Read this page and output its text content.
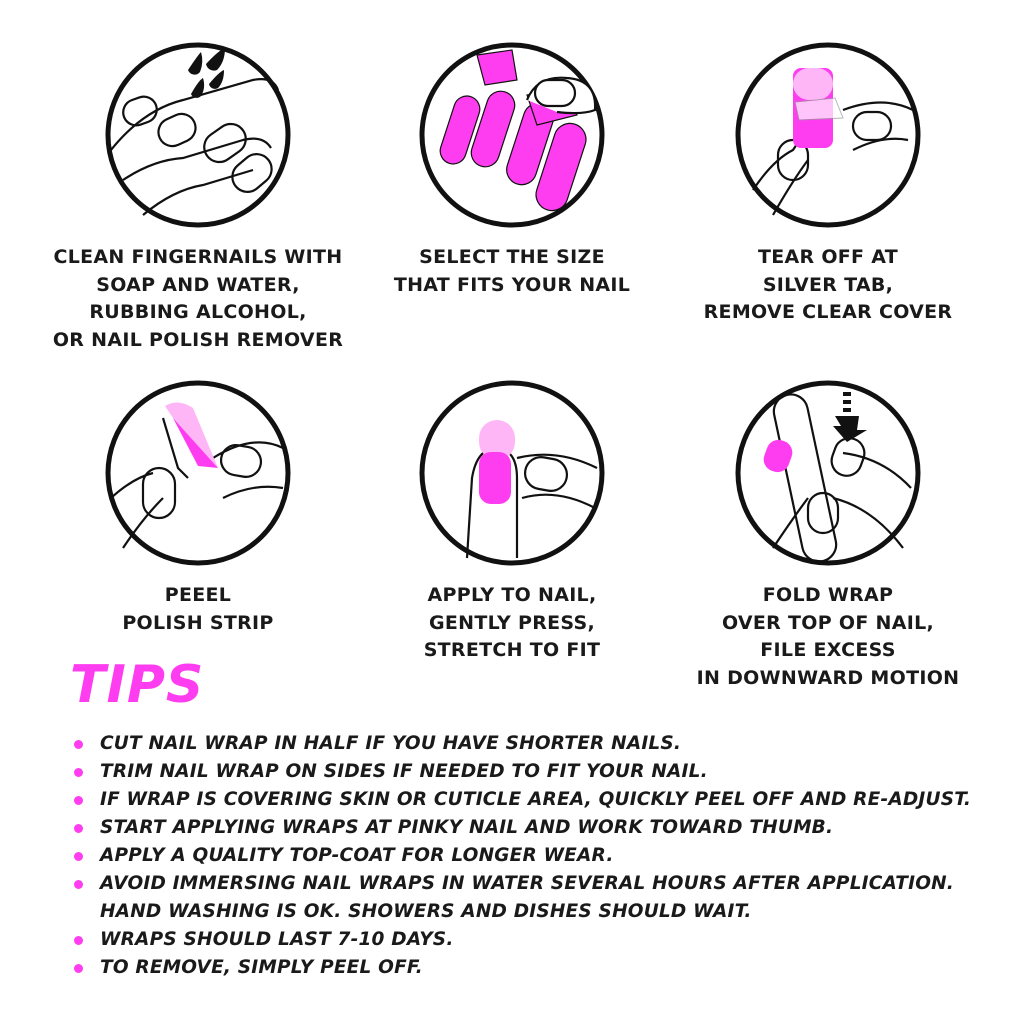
CLEAN FINGERNAILS WITH
SOAP AND WATER,
RUBBING ALCOHOL,
OR NAIL POLISH REMOVER
SELECT THE SIZE
THAT FITS YOUR NAIL
TEAR OFF AT
SILVER TAB,
REMOVE CLEAR COVER
PEEEL
POLISH STRIP
APPLY TO NAIL,
GENTLY PRESS,
STRETCH TO FIT
FOLD WRAP
OVER TOP OF NAIL,
FILE EXCESS
IN DOWNWARD MOTION
TIPS
CUT NAIL WRAP IN HALF IF YOU HAVE SHORTER NAILS.
TRIM NAIL WRAP ON SIDES IF NEEDED TO FIT YOUR NAIL.
IF WRAP IS COVERING SKIN OR CUTICLE AREA, QUICKLY PEEL OFF AND RE-ADJUST.
START APPLYING WRAPS AT PINKY NAIL AND WORK TOWARD THUMB.
APPLY A QUALITY TOP-COAT FOR LONGER WEAR.
AVOID IMMERSING NAIL WRAPS IN WATER SEVERAL HOURS AFTER APPLICATION.
HAND WASHING IS OK. SHOWERS AND DISHES SHOULD WAIT.
WRAPS SHOULD LAST 7-10 DAYS.
TO REMOVE, SIMPLY PEEL OFF.
